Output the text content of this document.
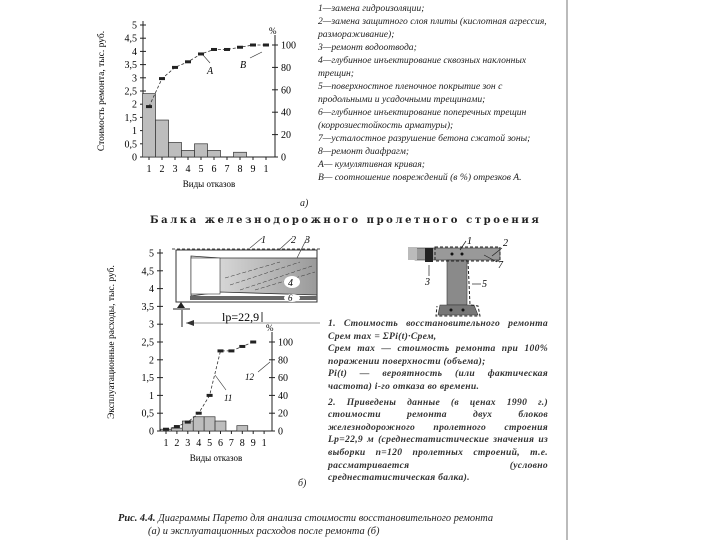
1—замена гидроизоляции;
2—замена защитного слоя плиты (кислотная агрессия, размораживание);
3—ремонт водоотвода;
4—глубинное инъектирование сквозных наклонных трещин;
5—поверхностное пленочное покрытие зон с продольными и усадочными трещинами;
6—глубинное инъектирование поперечных трещин (коррозиестойкость арматуры);
7—усталостное разрушение бетона сжатой зоны;
8—ремонт диафрагм;
A— кумулятивная кривая;
B— соотношение повреждений (в %) отрезков A.
а)
б)
Балка железнодорожного пролетного строения
1. Стоимость восстановительного ремонта Cрем max = ΣPi(t)·Cрем,
Cрем max — стоимость ремонта при 100% поражении поверхности (объема);
Pi(t) — вероятность (или фактическая частота) i-го отказа во времени.
2. Приведены данные (в ценах 1990 г.) стоимости ремонта двух блоков железнодорожного пролетного строения Lp=22,9 м (среднестатистические значения из выборки n=120 пролетных строений, т.е. рассматривается (условно среднестатистическая балка).
Рис. 4.4. Диаграммы Парето для анализа стоимости восстановительного ремонта
(а) и эксплуатационных расходов после ремонта (б)
0
0,5
1
1,5
2
2,5
3
3,5
4
4,5
5
0
20
40
60
80
100
%
1 2 3 4 5 6 7 8 9 1
Виды отказов
Стоимость ремонта, тыс. руб.	A
B
0
0,5
1
1,5
2
2,5
3
3,5
4
4,5
5
0
20
40
60
80
100
%
1 2 3 4 5 6 7 8 9 1
Виды отказов
Эксплуатационные расходы, тыс. руб.	11
12
1	2 3
4
6
lp=22,9
1	2
7
3	5
